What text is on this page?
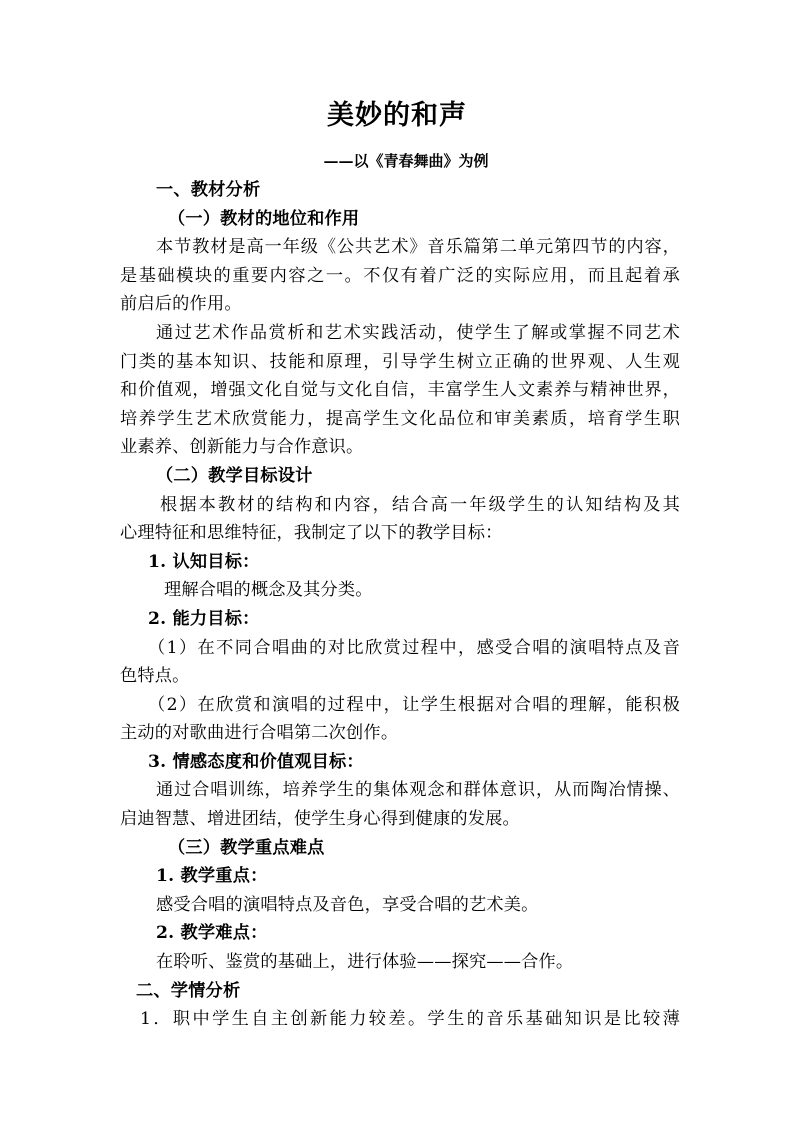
美妙的和声
——以《青春舞曲》为例
一、教材分析
（一）教材的地位和作用
本节教材是高一年级《公共艺术》音乐篇第二单元第四节的内容，
是基础模块的重要内容之一。不仅有着广泛的实际应用，而且起着承
前启后的作用。
通过艺术作品赏析和艺术实践活动，使学生了解或掌握不同艺术
门类的基本知识、技能和原理，引导学生树立正确的世界观、人生观
和价值观，增强文化自觉与文化自信，丰富学生人文素养与精神世界，
培养学生艺术欣赏能力，提高学生文化品位和审美素质，培育学生职
业素养、创新能力与合作意识。
（二）教学目标设计
根据本教材的结构和内容，结合高一年级学生的认知结构及其
心理特征和思维特征，我制定了以下的教学目标：
1. 认知目标：
理解合唱的概念及其分类。
2. 能力目标：
（1）在不同合唱曲的对比欣赏过程中，感受合唱的演唱特点及音
色特点。
（2）在欣赏和演唱的过程中，让学生根据对合唱的理解，能积极
主动的对歌曲进行合唱第二次创作。
3. 情感态度和价值观目标：
通过合唱训练，培养学生的集体观念和群体意识，从而陶冶情操、
启迪智慧、增进团结，使学生身心得到健康的发展。
（三）教学重点难点
1. 教学重点：
感受合唱的演唱特点及音色，享受合唱的艺术美。
2. 教学难点：
在聆听、鉴赏的基础上，进行体验——探究——合作。
二、学情分析
1．职中学生自主创新能力较差。学生的音乐基础知识是比较薄
